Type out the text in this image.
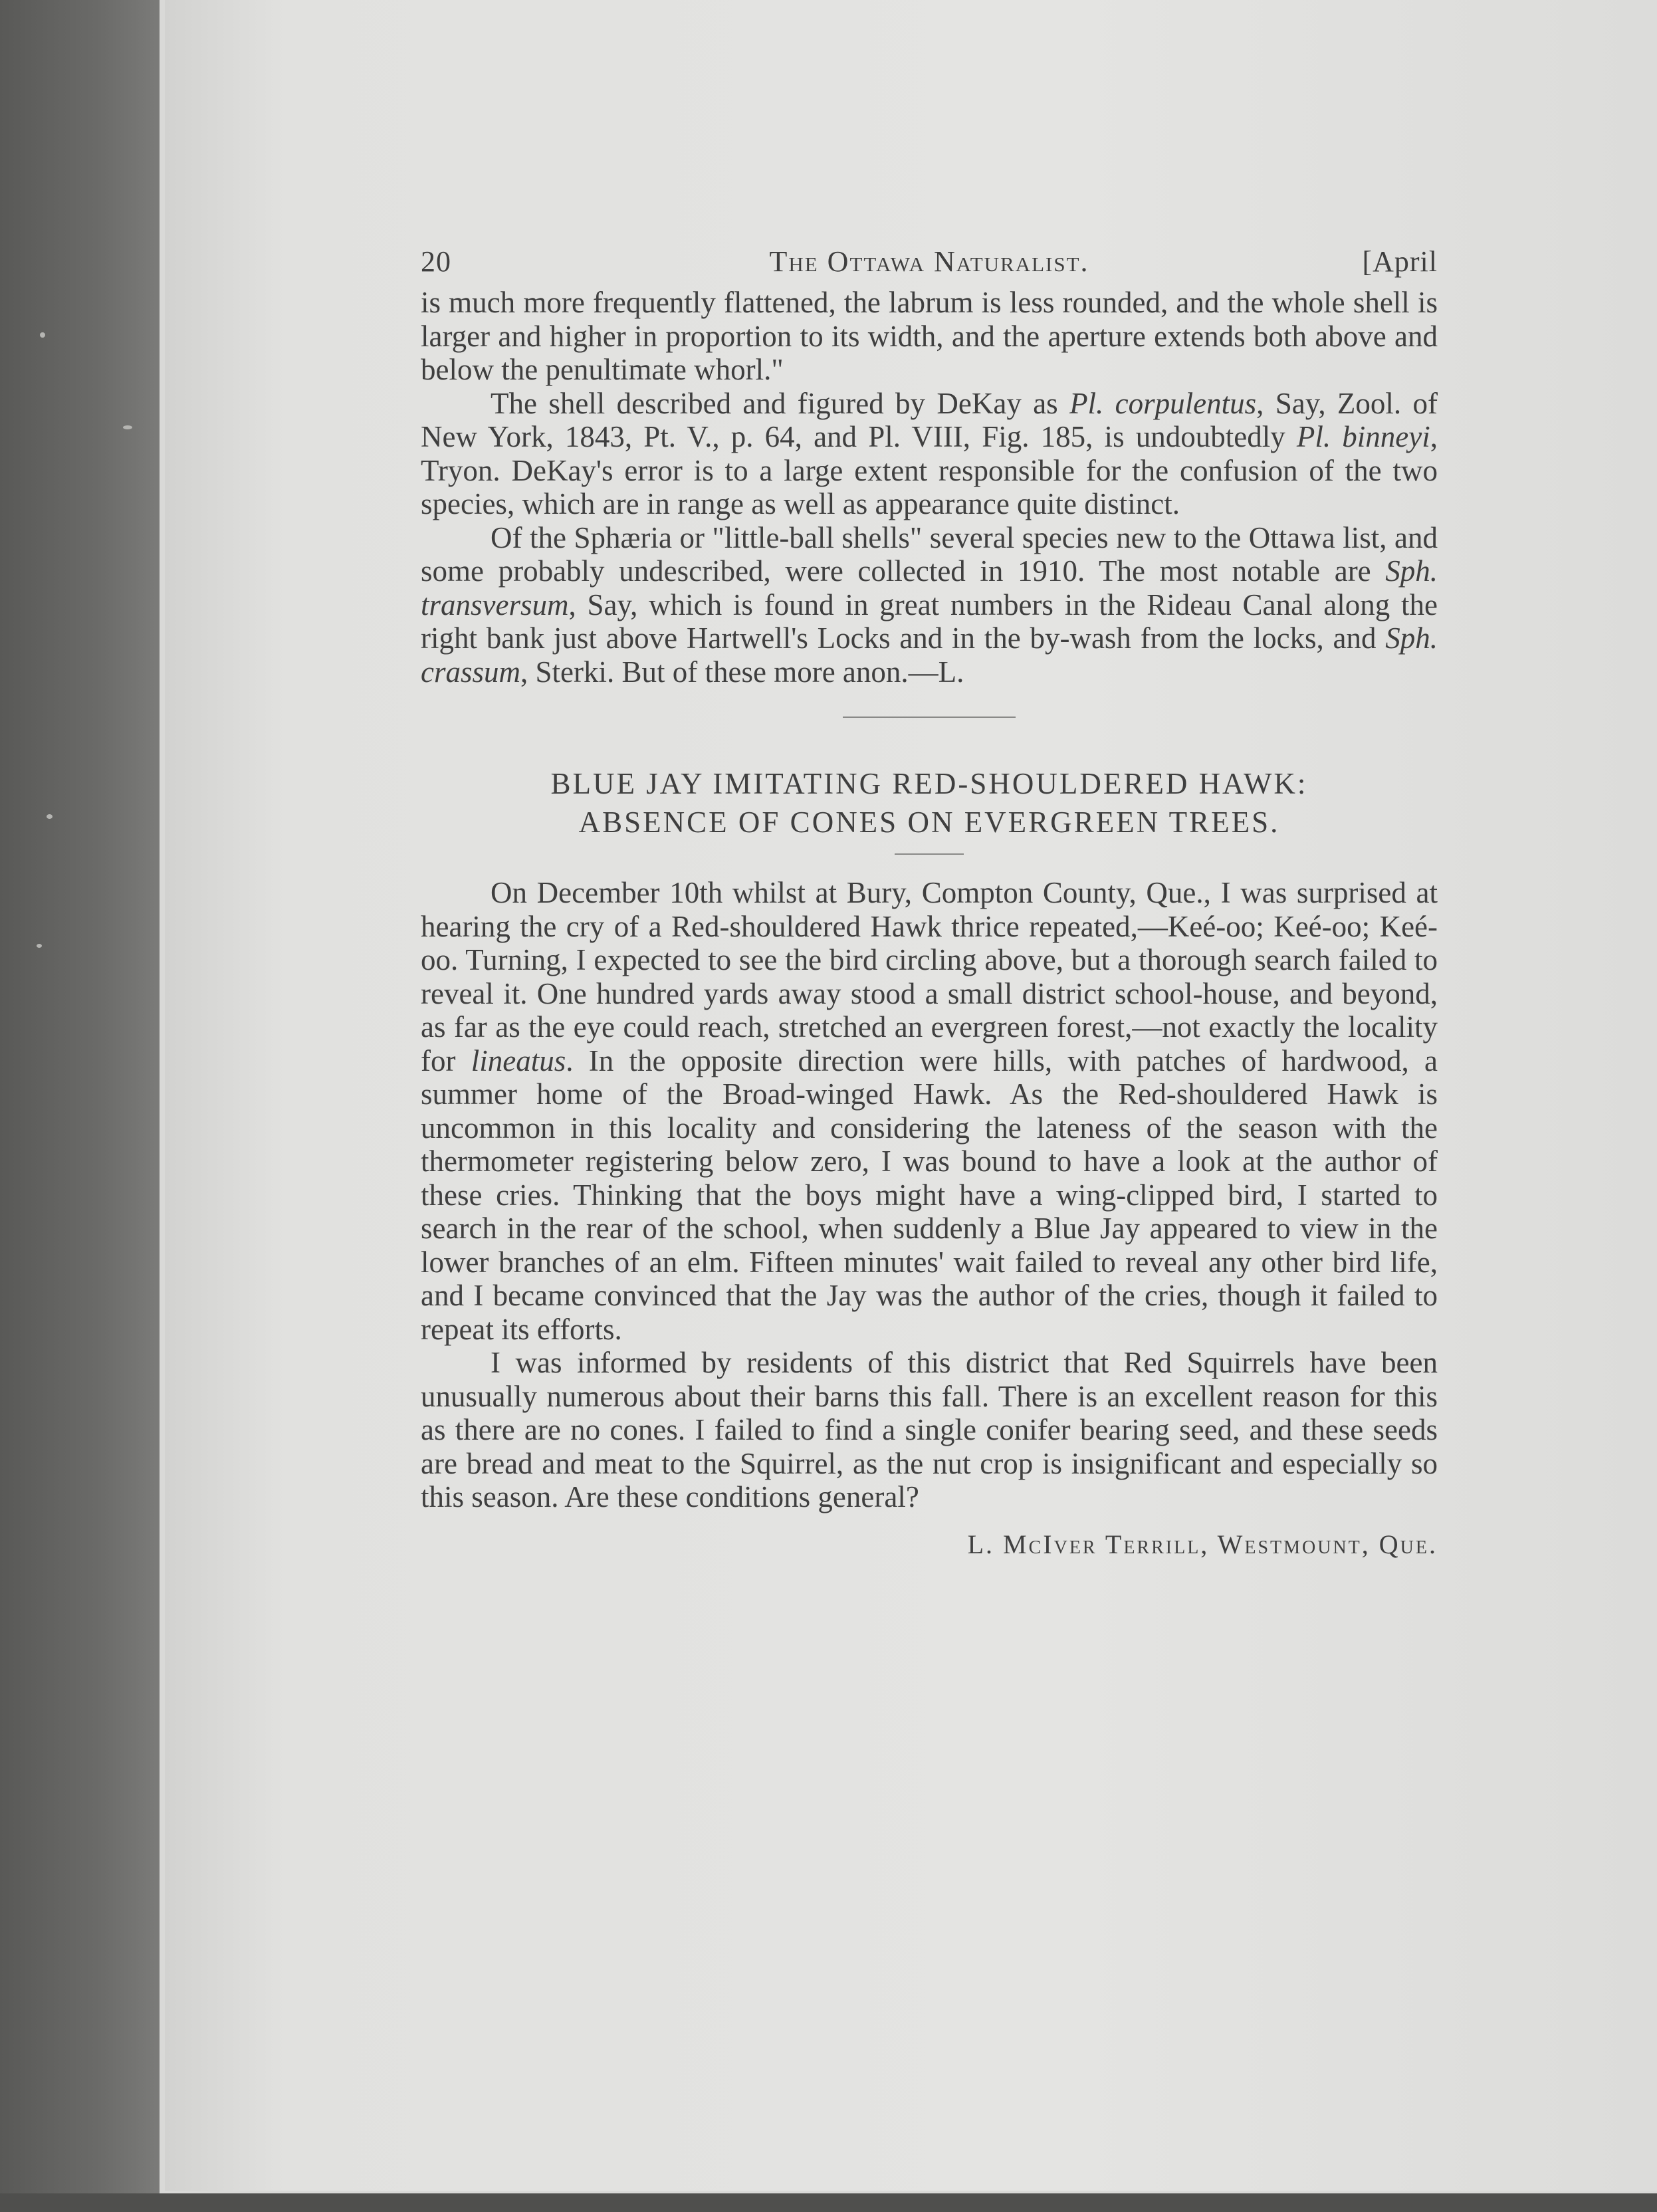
20	The Ottawa Naturalist.	[April

is much more frequently flattened, the labrum is less rounded, and the whole shell is larger and higher in proportion to its width, and the aperture extends both above and below the penultimate whorl."

The shell described and figured by DeKay as Pl. corpulentus, Say, Zool. of New York, 1843, Pt. V., p. 64, and Pl. VIII, Fig. 185, is undoubtedly Pl. binneyi, Tryon. DeKay's error is to a large extent responsible for the confusion of the two species, which are in range as well as appearance quite distinct.

Of the Sphæria or "little-ball shells" several species new to the Ottawa list, and some probably undescribed, were collected in 1910. The most notable are Sph. transversum, Say, which is found in great numbers in the Rideau Canal along the right bank just above Hartwell's Locks and in the by-wash from the locks, and Sph. crassum, Sterki. But of these more anon.—L.

BLUE JAY IMITATING RED-SHOULDERED HAWK:
ABSENCE OF CONES ON EVERGREEN TREES.

On December 10th whilst at Bury, Compton County, Que., I was surprised at hearing the cry of a Red-shouldered Hawk thrice repeated,—Keé-oo; Keé-oo; Keé-oo. Turning, I expected to see the bird circling above, but a thorough search failed to reveal it. One hundred yards away stood a small district school-house, and beyond, as far as the eye could reach, stretched an evergreen forest,—not exactly the locality for lineatus. In the opposite direction were hills, with patches of hardwood, a summer home of the Broad-winged Hawk. As the Red-shouldered Hawk is uncommon in this locality and considering the lateness of the season with the thermometer registering below zero, I was bound to have a look at the author of these cries. Thinking that the boys might have a wing-clipped bird, I started to search in the rear of the school, when suddenly a Blue Jay appeared to view in the lower branches of an elm. Fifteen minutes' wait failed to reveal any other bird life, and I became convinced that the Jay was the author of the cries, though it failed to repeat its efforts.

I was informed by residents of this district that Red Squirrels have been unusually numerous about their barns this fall. There is an excellent reason for this as there are no cones. I failed to find a single conifer bearing seed, and these seeds are bread and meat to the Squirrel, as the nut crop is insignificant and especially so this season. Are these conditions general?

L. McIver Terrill, Westmount, Que.
